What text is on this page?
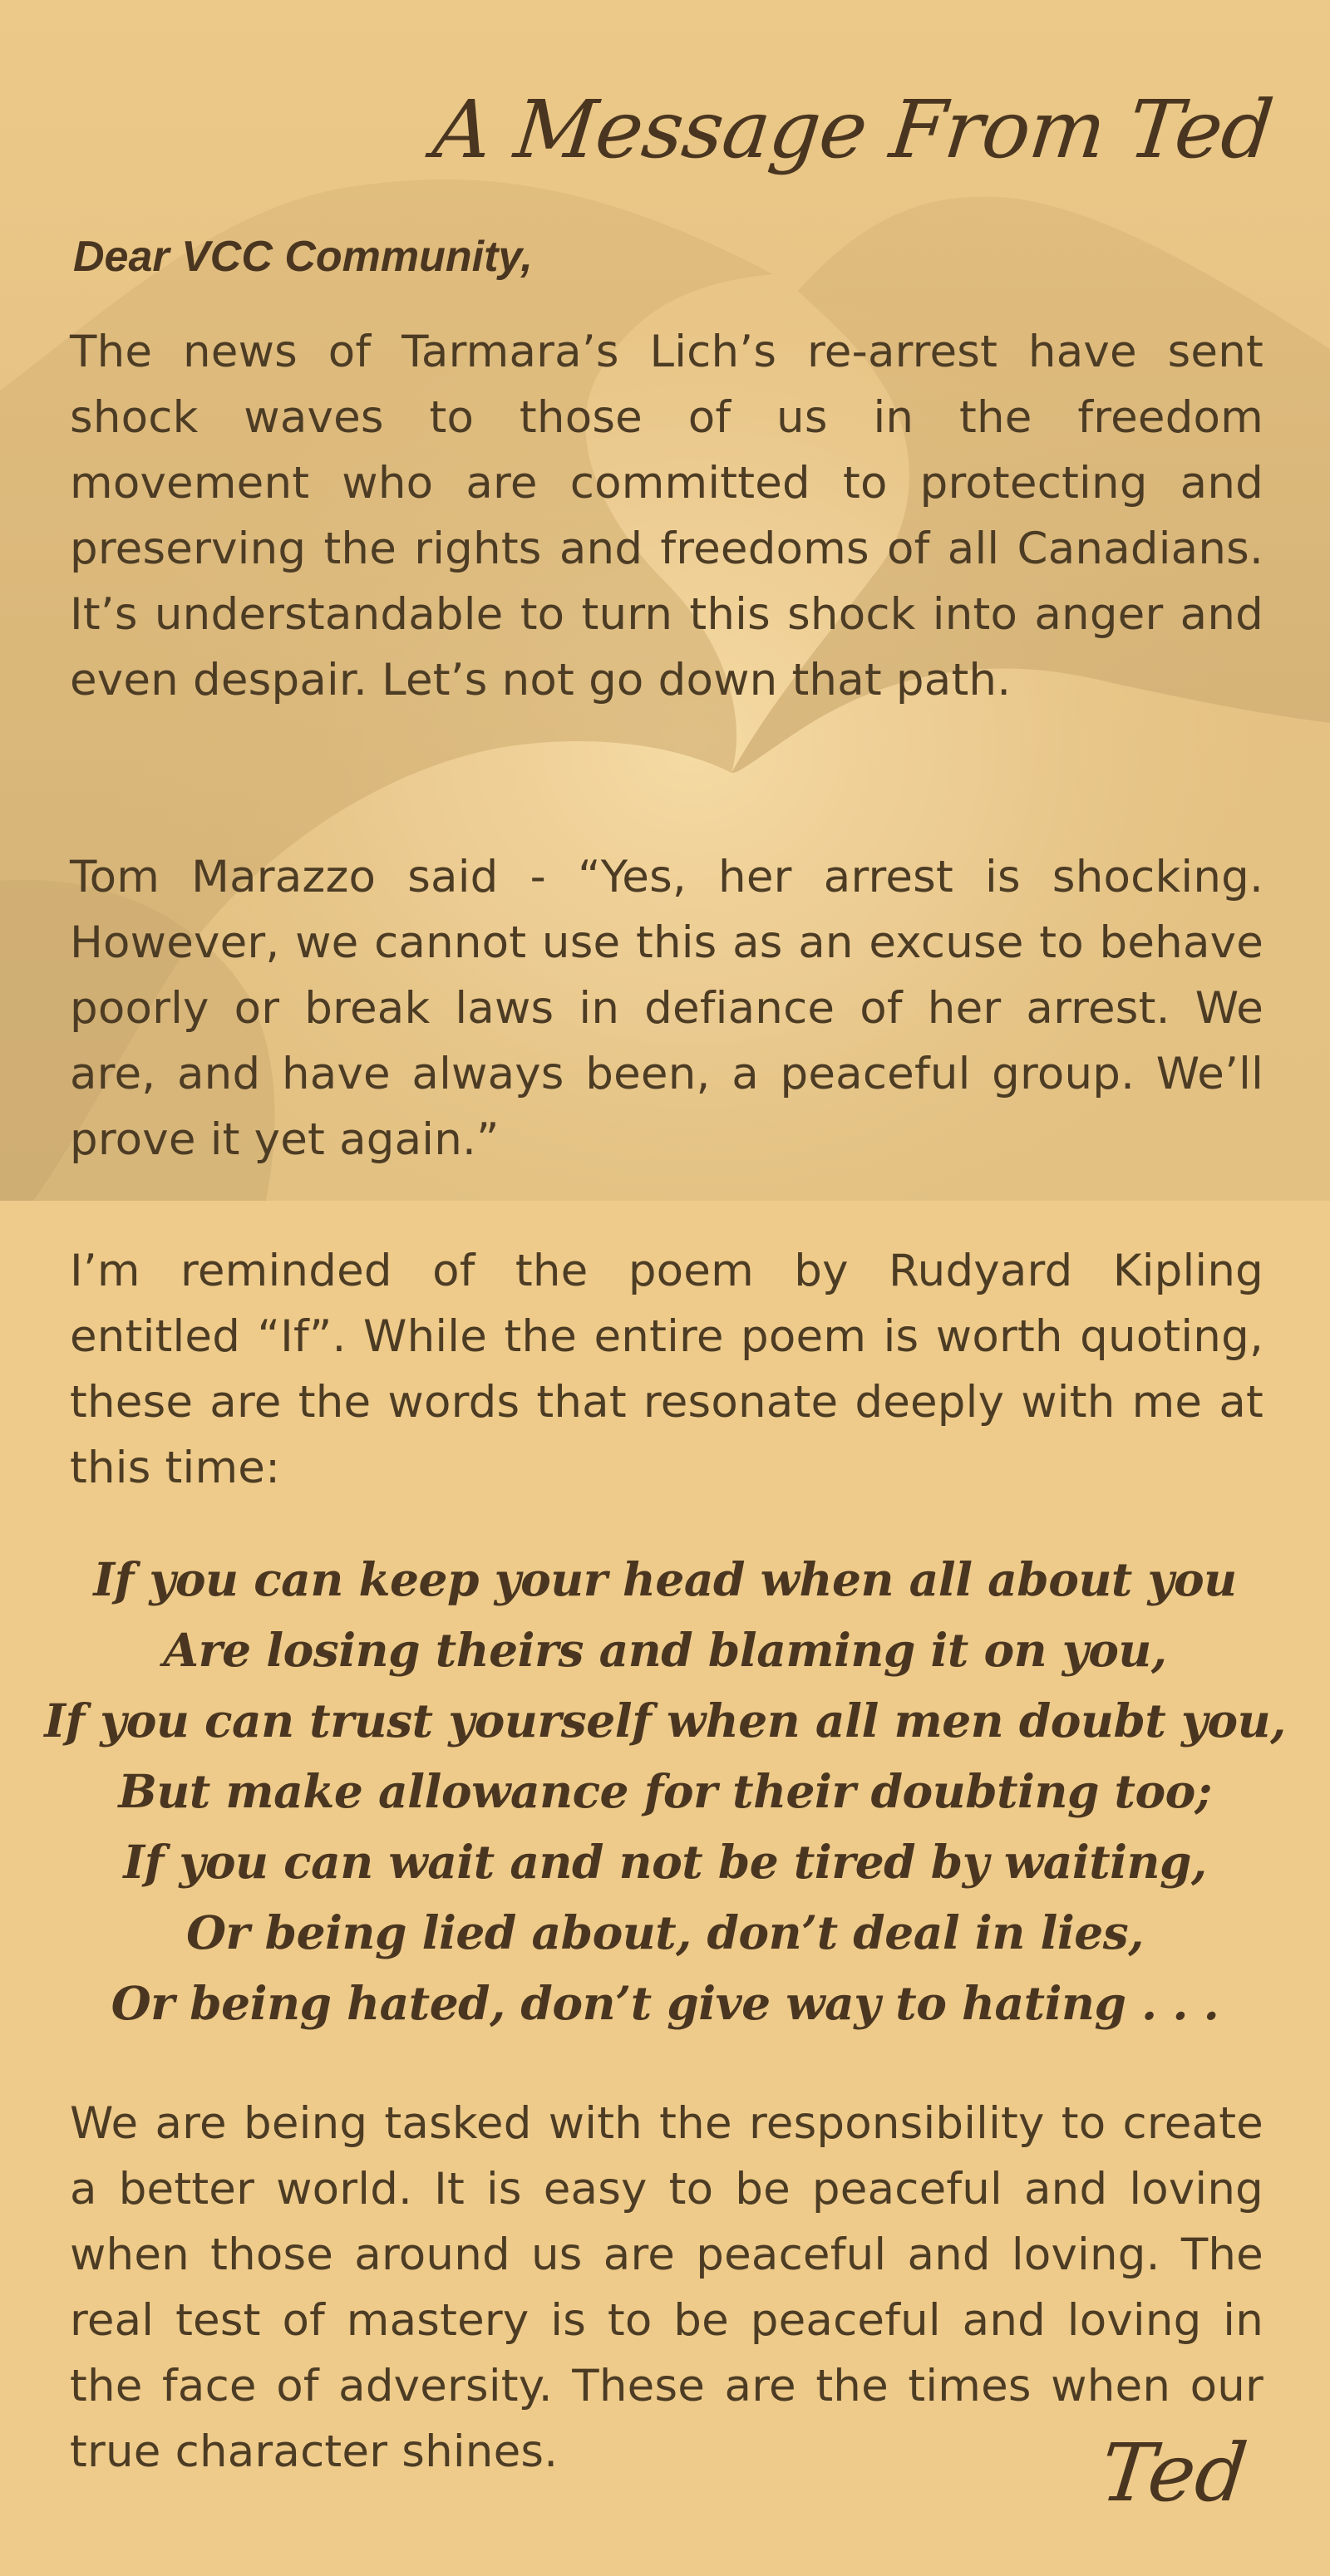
A Message From Ted
Dear VCC Community,

The news of Tarmara’s Lich’s re-arrest have sent shock waves to those of us in the freedom movement who are committed to protecting and preserving the rights and freedoms of all Canadians. It’s understandable to turn this shock into anger and even despair. Let’s not go down that path.

Tom Marazzo said - “Yes, her arrest is shocking. However, we cannot use this as an excuse to behave poorly or break laws in defiance of her arrest. We are, and have always been, a peaceful group. We’ll prove it yet again.”

I’m reminded of the poem by Rudyard Kipling entitled “If”. While the entire poem is worth quoting, these are the words that resonate deeply with me at this time:

If you can keep your head when all about you
Are losing theirs and blaming it on you,
If you can trust yourself when all men doubt you,
But make allowance for their doubting too;
If you can wait and not be tired by waiting,
Or being lied about, don’t deal in lies,
Or being hated, don’t give way to hating . . .

We are being tasked with the responsibility to create a better world. It is easy to be peaceful and loving when those around us are peaceful and loving. The real test of mastery is to be peaceful and loving in the face of adversity. These are the times when our true character shines.	Ted
